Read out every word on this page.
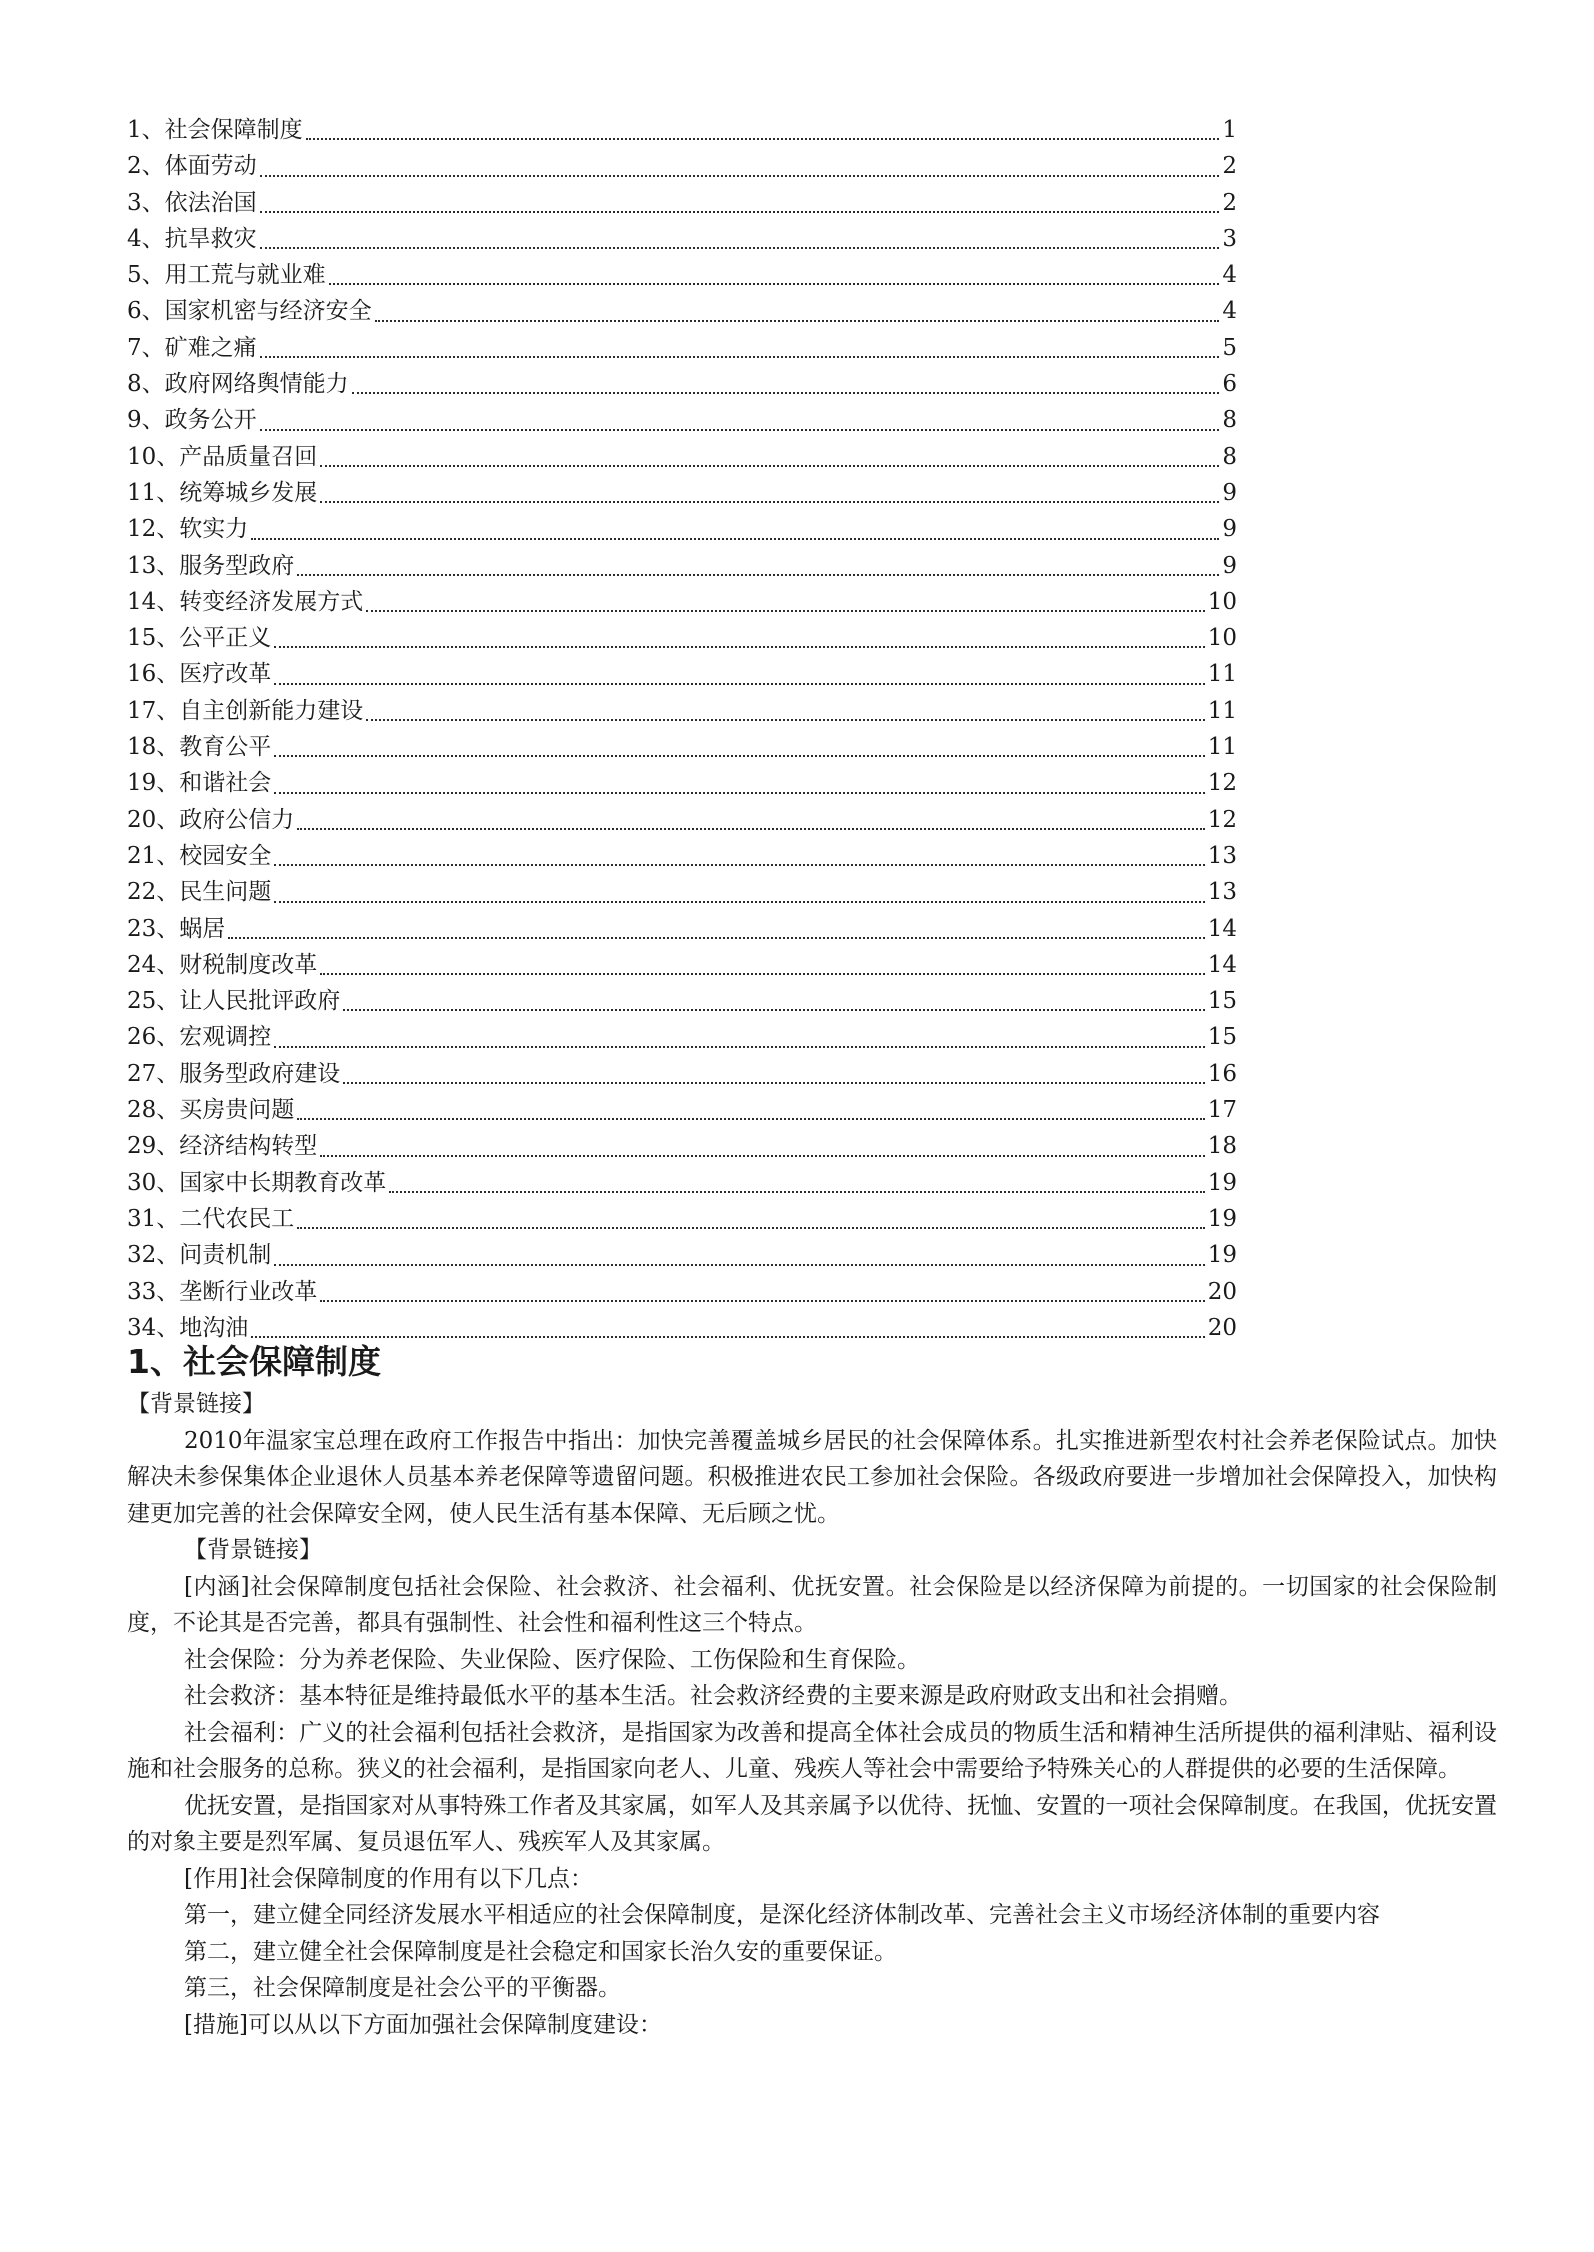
1、 社会保障制度	1
2、 体面劳动	2
3、 依法治国	2
4、 抗旱救灾	3
5、 用工荒与就业难	4
6、 国家机密与经济安全	4
7、 矿难之痛	5
8、 政府网络舆情能力	6
9、 政务公开	8
10、 产品质量召回	8
11、 统筹城乡发展	9
12、 软实力	9
13、 服务型政府	9
14、 转变经济发展方式	10
15、 公平正义	10
16、 医疗改革	11
17、 自主创新能力建设	11
18、 教育公平	11
19、 和谐社会	12
20、 政府公信力	12
21、 校园安全	13
22、 民生问题	13
23、 蜗居	14
24、 财税制度改革	14
25、 让人民批评政府	15
26、 宏观调控	15
27、 服务型政府建设	16
28、 买房贵问题	17
29、 经济结构转型	18
30、 国家中长期教育改革	19
31、 二代农民工	19
32、 问责机制	19
33、 垄断行业改革	20
34、 地沟油	20
1、社会保障制度

【背景链接】

2010年温家宝总理在政府工作报告中指出：加快完善覆盖城乡居民的社会保障体系。扎实推进新型农村社会养老保险试点。加快解决未参保集体企业退休人员基本养老保障等遗留问题。积极推进农民工参加社会保险。各级政府要进一步增加社会保障投入，加快构建更加完善的社会保障安全网，使人民生活有基本保障、无后顾之忧。

【背景链接】

[内涵]社会保障制度包括社会保险、社会救济、社会福利、优抚安置。社会保险是以经济保障为前提的。一切国家的社会保险制度，不论其是否完善，都具有强制性、社会性和福利性这三个特点。

社会保险：分为养老保险、失业保险、医疗保险、工伤保险和生育保险。

社会救济：基本特征是维持最低水平的基本生活。社会救济经费的主要来源是政府财政支出和社会捐赠。

社会福利：广义的社会福利包括社会救济，是指国家为改善和提高全体社会成员的物质生活和精神生活所提供的福利津贴、福利设施和社会服务的总称。狭义的社会福利，是指国家向老人、儿童、残疾人等社会中需要给予特殊关心的人群提供的必要的生活保障。

优抚安置，是指国家对从事特殊工作者及其家属，如军人及其亲属予以优待、抚恤、安置的一项社会保障制度。在我国，优抚安置的对象主要是烈军属、复员退伍军人、残疾军人及其家属。

[作用]社会保障制度的作用有以下几点：

第一，建立健全同经济发展水平相适应的社会保障制度，是深化经济体制改革、完善社会主义市场经济体制的重要内容

第二，建立健全社会保障制度是社会稳定和国家长治久安的重要保证。

第三，社会保障制度是社会公平的平衡器。

[措施]可以从以下方面加强社会保障制度建设：
